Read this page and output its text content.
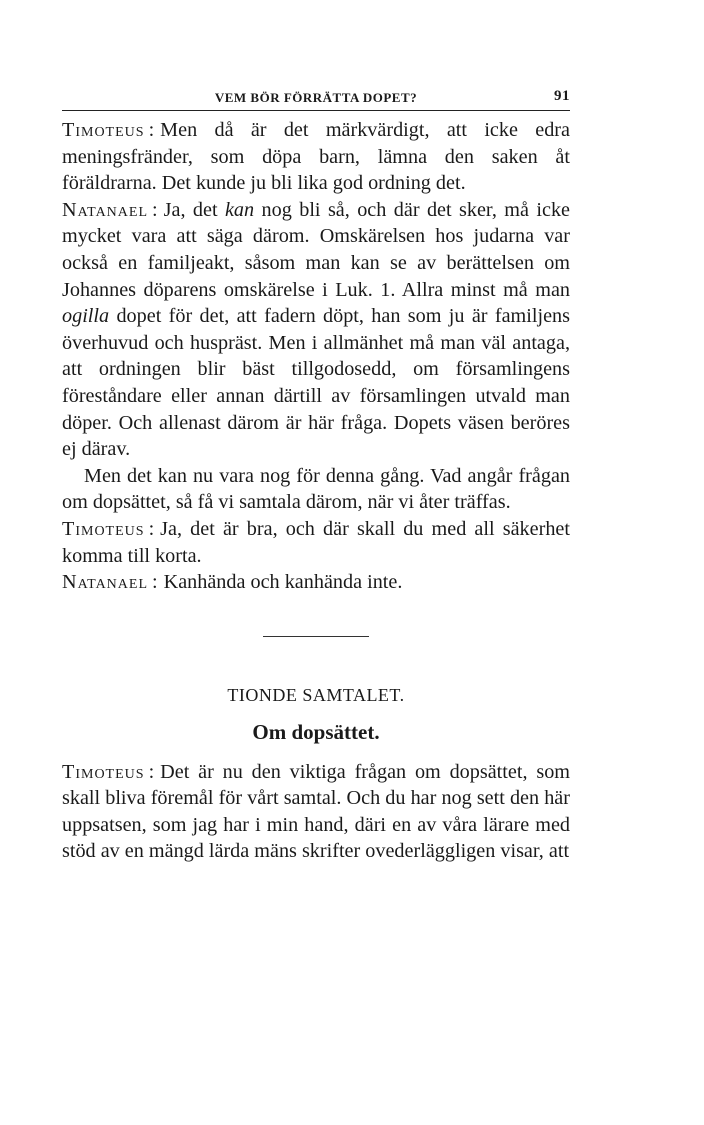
VEM BÖR FÖRRÄTTA DOPET?	91

Timoteus : Men då är det märkvärdigt, att icke edra meningsfränder, som döpa barn, lämna den saken åt föräldrarna. Det kunde ju bli lika god ordning det.

Natanael : Ja, det kan nog bli så, och där det sker, må icke mycket vara att säga därom. Omskärelsen hos judarna var också en familjeakt, såsom man kan se av berättelsen om Johannes döparens omskärelse i Luk. 1. Allra minst må man ogilla dopet för det, att fadern döpt, han som ju är familjens överhuvud och huspräst. Men i allmänhet må man väl antaga, att ordningen blir bäst tillgodosedd, om församlingens föreståndare eller annan därtill av församlingen utvald man döper. Och allenast därom är här fråga. Dopets väsen beröres ej därav.

Men det kan nu vara nog för denna gång. Vad angår frågan om dopsättet, så få vi samtala därom, när vi åter träffas.

Timoteus : Ja, det är bra, och där skall du med all säkerhet komma till korta.

Natanael : Kanhända och kanhända inte.

TIONDE SAMTALET.
Om dopsättet.

Timoteus : Det är nu den viktiga frågan om dopsättet, som skall bliva föremål för vårt samtal. Och du har nog sett den här uppsatsen, som jag har i min hand, däri en av våra lärare med stöd av en mängd lärda mäns skrifter ovederläggligen visar, att
